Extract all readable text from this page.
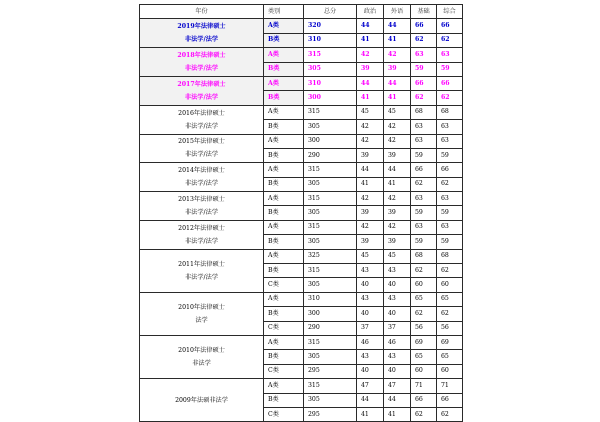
年份	类别	总分	政治	外语	基础	综合

2019年法律硕士
非法学/法学	A类	320	44	44	66	66
	B类	310	41	41	62	62

2018年法律硕士
非法学/法学	A类	315	42	42	63	63
	B类	305	39	39	59	59

2017年法律硕士
非法学/法学	A类	310	44	44	66	66
	B类	300	41	41	62	62

2016年法律硕士
非法学/法学	A类	315	45	45	68	68
	B类	305	42	42	63	63

2015年法律硕士
非法学/法学	A类	300	42	42	63	63
	B类	290	39	39	59	59

2014年法律硕士
非法学/法学	A类	315	44	44	66	66
	B类	305	41	41	62	62

2013年法律硕士
非法学/法学	A类	315	42	42	63	63
	B类	305	39	39	59	59

2012年法律硕士
非法学/法学	A类	315	42	42	63	63
	B类	305	39	39	59	59

2011年法律硕士
非法学/法学	A类	325	45	45	68	68
	B类	315	43	43	62	62
	C类	305	40	40	60	60

2010年法律硕士
法学	A类	310	43	43	65	65
	B类	300	40	40	62	62
	C类	290	37	37	56	56

2010年法律硕士
非法学	A类	315	46	46	69	69
	B类	305	43	43	65	65
	C类	295	40	40	60	60

2009年法硕非法学	A类	315	47	47	71	71
	B类	305	44	44	66	66
	C类	295	41	41	62	62
